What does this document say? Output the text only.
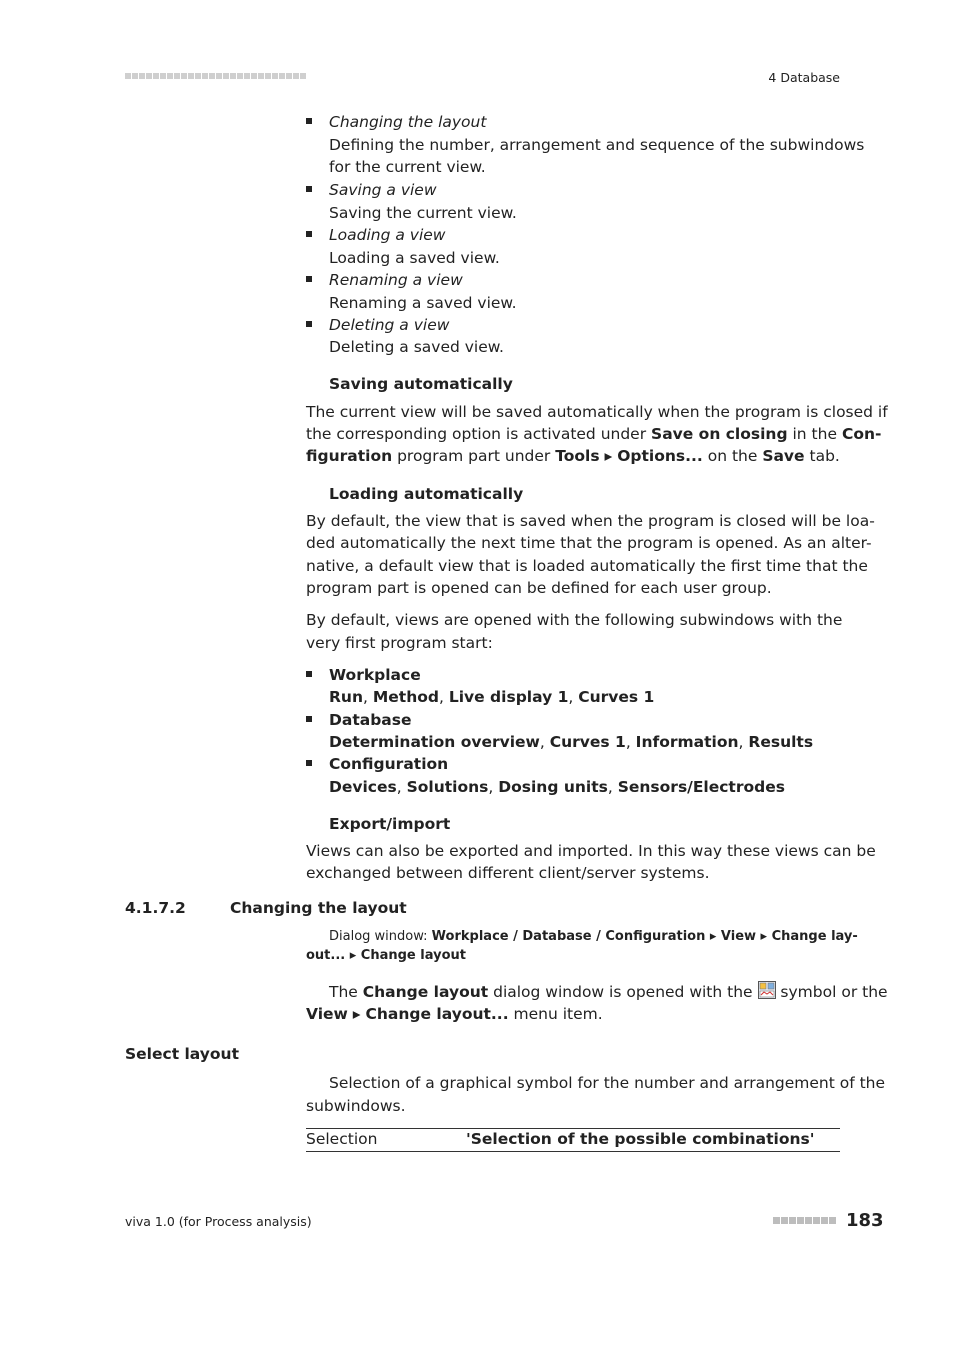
4 Database
Changing the layout
Defining the number, arrangement and sequence of the subwindows
for the current view.
Saving a view
Saving the current view.
Loading a view
Loading a saved view.
Renaming a view
Renaming a saved view.
Deleting a view
Deleting a saved view.
Saving automatically
The current view will be saved automatically when the program is closed if
the corresponding option is activated under Save on closing in the Con-
figuration program part under Tools ▸ Options... on the Save tab.
Loading automatically
By default, the view that is saved when the program is closed will be loa-
ded automatically the next time that the program is opened. As an alter-
native, a default view that is loaded automatically the first time that the
program part is opened can be defined for each user group.
By default, views are opened with the following subwindows with the
very first program start:
Workplace
Run, Method, Live display 1, Curves 1
Database
Determination overview, Curves 1, Information, Results
Configuration
Devices, Solutions, Dosing units, Sensors/Electrodes
Export/import
Views can also be exported and imported. In this way these views can be
exchanged between different client/server systems.
4.1.7.2	Changing the layout
Dialog window: Workplace / Database / Configuration ▸ View ▸ Change lay-
out... ▸ Change layout
The Change layout dialog window is opened with the
symbol or the
View ▸ Change layout... menu item.
Select layout
Selection of a graphical symbol for the number and arrangement of the
subwindows.
Selection	'Selection of the possible combinations'
viva 1.0 (for Process analysis)	183
